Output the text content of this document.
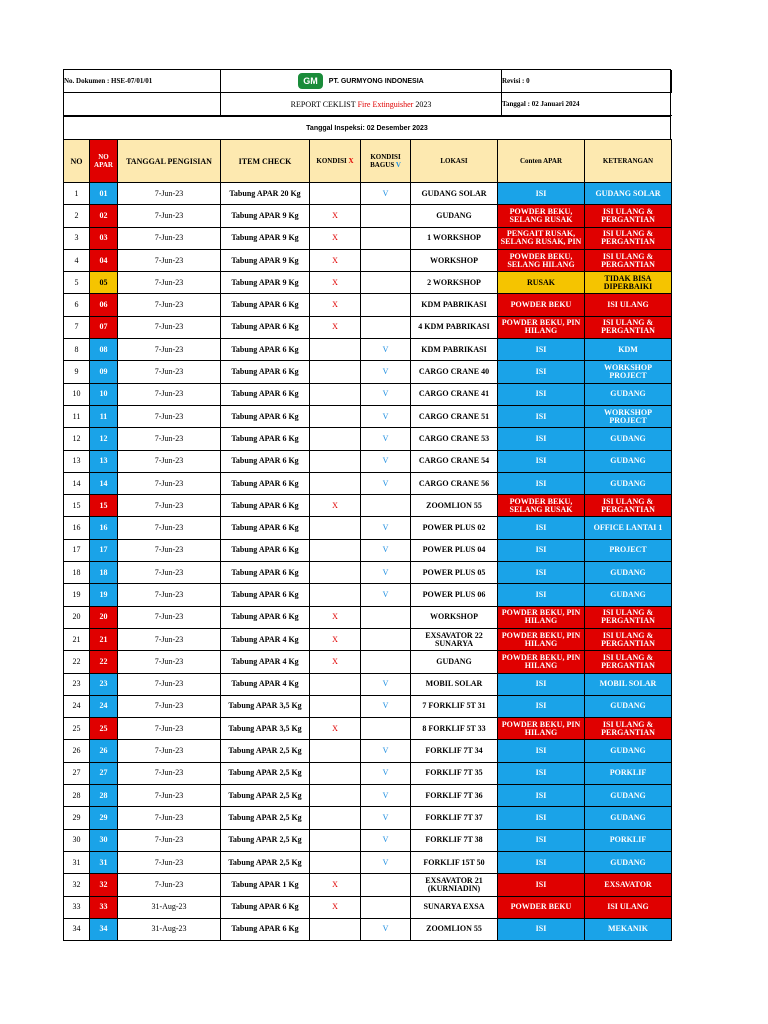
No. Dokumen : HSE-07/01/01	GM	PT. GURMYONG INDONESIA	Revisi : 0
REPORT CEKLIST Fire Extinguisher 2023	Tanggal : 02 Januari 2024
Tanggal Inspeksi: 02 Desember 2023
NO	NO APAR	TANGGAL PENGISIAN	ITEM CHECK	KONDISI X	KONDISI BAGUS V	LOKASI	Conten APAR	KETERANGAN
1	01	7-Jun-23	Tabung APAR 20 Kg		V	GUDANG SOLAR	ISI	GUDANG SOLAR
2	02	7-Jun-23	Tabung APAR 9 Kg	X		GUDANG	POWDER BEKU, SELANG RUSAK	ISI ULANG & PERGANTIAN
3	03	7-Jun-23	Tabung APAR 9 Kg	X		1 WORKSHOP	PENGAIT RUSAK, SELANG RUSAK, PIN	ISI ULANG & PERGANTIAN
4	04	7-Jun-23	Tabung APAR 9 Kg	X		WORKSHOP	POWDER BEKU, SELANG HILANG	ISI ULANG & PERGANTIAN
5	05	7-Jun-23	Tabung APAR 9 Kg	X		2 WORKSHOP	RUSAK	TIDAK BISA DIPERBAIKI
6	06	7-Jun-23	Tabung APAR 6 Kg	X		KDM PABRIKASI	POWDER BEKU	ISI ULANG
7	07	7-Jun-23	Tabung APAR 6 Kg	X		4 KDM PABRIKASI	POWDER BEKU, PIN HILANG	ISI ULANG & PERGANTIAN
8	08	7-Jun-23	Tabung APAR 6 Kg		V	KDM PABRIKASI	ISI	KDM
9	09	7-Jun-23	Tabung APAR 6 Kg		V	CARGO CRANE 40	ISI	WORKSHOP PROJECT
10	10	7-Jun-23	Tabung APAR 6 Kg		V	CARGO CRANE 41	ISI	GUDANG
11	11	7-Jun-23	Tabung APAR 6 Kg		V	CARGO CRANE 51	ISI	WORKSHOP PROJECT
12	12	7-Jun-23	Tabung APAR 6 Kg		V	CARGO CRANE 53	ISI	GUDANG
13	13	7-Jun-23	Tabung APAR 6 Kg		V	CARGO CRANE 54	ISI	GUDANG
14	14	7-Jun-23	Tabung APAR 6 Kg		V	CARGO CRANE 56	ISI	GUDANG
15	15	7-Jun-23	Tabung APAR 6 Kg	X		ZOOMLION 55	POWDER BEKU, SELANG RUSAK	ISI ULANG & PERGANTIAN
16	16	7-Jun-23	Tabung APAR 6 Kg		V	POWER PLUS 02	ISI	OFFICE LANTAI 1
17	17	7-Jun-23	Tabung APAR 6 Kg		V	POWER PLUS 04	ISI	PROJECT
18	18	7-Jun-23	Tabung APAR 6 Kg		V	POWER PLUS 05	ISI	GUDANG
19	19	7-Jun-23	Tabung APAR 6 Kg		V	POWER PLUS 06	ISI	GUDANG
20	20	7-Jun-23	Tabung APAR 6 Kg	X		WORKSHOP	POWDER BEKU, PIN HILANG	ISI ULANG & PERGANTIAN
21	21	7-Jun-23	Tabung APAR 4 Kg	X		EXSAVATOR 22 SUNARYA	POWDER BEKU, PIN HILANG	ISI ULANG & PERGANTIAN
22	22	7-Jun-23	Tabung APAR 4 Kg	X		GUDANG	POWDER BEKU, PIN HILANG	ISI ULANG & PERGANTIAN
23	23	7-Jun-23	Tabung APAR 4 Kg		V	MOBIL SOLAR	ISI	MOBIL SOLAR
24	24	7-Jun-23	Tabung APAR 3,5 Kg		V	7 FORKLIF 5T 31	ISI	GUDANG
25	25	7-Jun-23	Tabung APAR 3,5 Kg	X		8 FORKLIF 5T 33	POWDER BEKU, PIN HILANG	ISI ULANG & PERGANTIAN
26	26	7-Jun-23	Tabung APAR 2,5 Kg		V	FORKLIF 7T 34	ISI	GUDANG
27	27	7-Jun-23	Tabung APAR 2,5 Kg		V	FORKLIF 7T 35	ISI	PORKLIF
28	28	7-Jun-23	Tabung APAR 2,5 Kg		V	FORKLIF 7T 36	ISI	GUDANG
29	29	7-Jun-23	Tabung APAR 2,5 Kg		V	FORKLIF 7T 37	ISI	GUDANG
30	30	7-Jun-23	Tabung APAR 2,5 Kg		V	FORKLIF 7T 38	ISI	PORKLIF
31	31	7-Jun-23	Tabung APAR 2,5 Kg		V	FORKLIF 15T 50	ISI	GUDANG
32	32	7-Jun-23	Tabung APAR 1 Kg	X		EXSAVATOR 21 (KURNIADIN)	ISI	EXSAVATOR
33	33	31-Aug-23	Tabung APAR 6 Kg	X		SUNARYA EXSA	POWDER BEKU	ISI ULANG
34	34	31-Aug-23	Tabung APAR 6 Kg		V	ZOOMLION 55	ISI	MEKANIK
